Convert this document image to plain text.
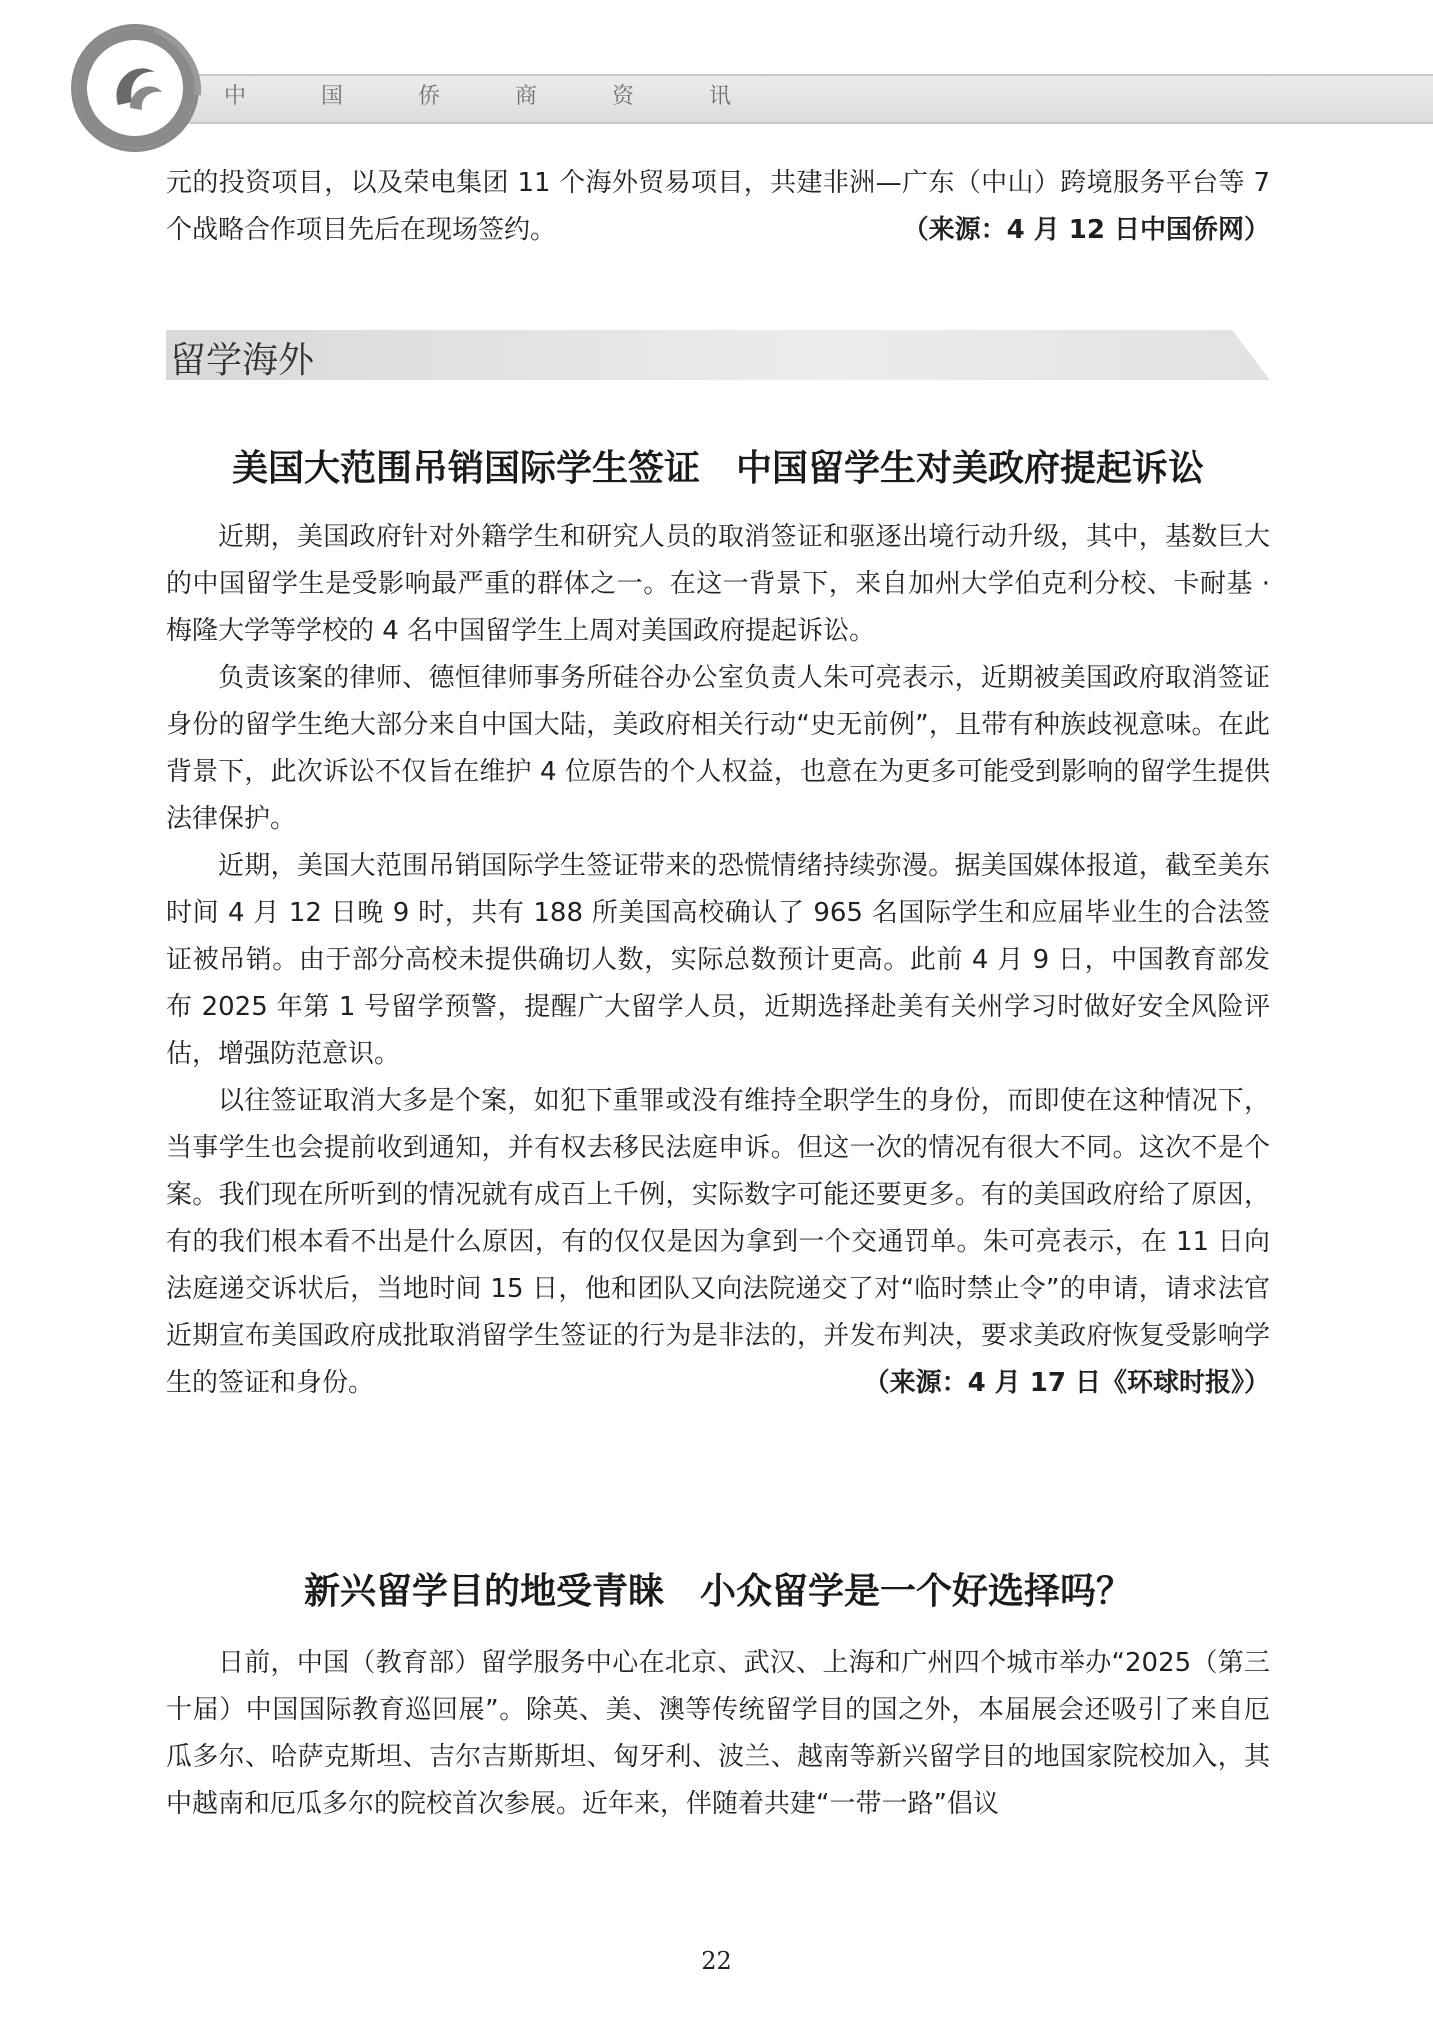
中 国 侨 商 资 讯

元的投资项目，以及荣电集团 11 个海外贸易项目，共建非洲—广东（中山）跨境服务平台等 7 个战略合作项目先后在现场签约。	（来源：4 月 12 日中国侨网）

留学海外
美国大范围吊销国际学生签证　中国留学生对美政府提起诉讼

近期，美国政府针对外籍学生和研究人员的取消签证和驱逐出境行动升级，其中，基数巨大的中国留学生是受影响最严重的群体之一。在这一背景下，来自加州大学伯克利分校、卡耐基 · 梅隆大学等学校的 4 名中国留学生上周对美国政府提起诉讼。

负责该案的律师、德恒律师事务所硅谷办公室负责人朱可亮表示，近期被美国政府取消签证身份的留学生绝大部分来自中国大陆，美政府相关行动“史无前例”，且带有种族歧视意味。在此背景下，此次诉讼不仅旨在维护 4 位原告的个人权益，也意在为更多可能受到影响的留学生提供法律保护。

近期，美国大范围吊销国际学生签证带来的恐慌情绪持续弥漫。据美国媒体报道，截至美东时间 4 月 12 日晚 9 时，共有 188 所美国高校确认了 965 名国际学生和应届毕业生的合法签证被吊销。由于部分高校未提供确切人数，实际总数预计更高。此前 4 月 9 日，中国教育部发布 2025 年第 1 号留学预警，提醒广大留学人员，近期选择赴美有关州学习时做好安全风险评估，增强防范意识。

以往签证取消大多是个案，如犯下重罪或没有维持全职学生的身份，而即使在这种情况下，当事学生也会提前收到通知，并有权去移民法庭申诉。但这一次的情况有很大不同。这次不是个案。我们现在所听到的情况就有成百上千例，实际数字可能还要更多。有的美国政府给了原因，有的我们根本看不出是什么原因，有的仅仅是因为拿到一个交通罚单。朱可亮表示，在 11 日向法庭递交诉状后，当地时间 15 日，他和团队又向法院递交了对“临时禁止令”的申请，请求法官近期宣布美国政府成批取消留学生签证的行为是非法的，并发布判决，要求美政府恢复受影响学生的签证和身份。	（来源：4 月 17 日《环球时报》）

新兴留学目的地受青睐　小众留学是一个好选择吗？

日前，中国（教育部）留学服务中心在北京、武汉、上海和广州四个城市举办“2025（第三十届）中国国际教育巡回展”。除英、美、澳等传统留学目的国之外，本届展会还吸引了来自厄瓜多尔、哈萨克斯坦、吉尔吉斯斯坦、匈牙利、波兰、越南等新兴留学目的地国家院校加入，其中越南和厄瓜多尔的院校首次参展。近年来，伴随着共建“一带一路”倡议

22
